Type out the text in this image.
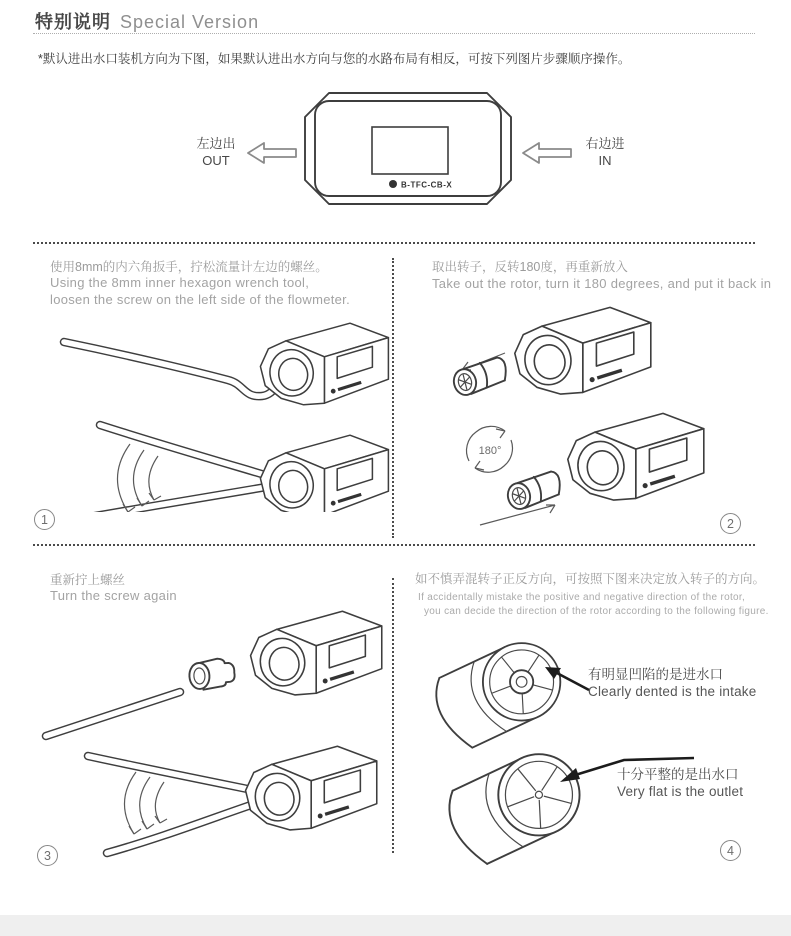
特别说明 Special Version
*默认进出水口装机方向为下图，如果默认进出水方向与您的水路布局有相反，可按下列图片步骤顺序操作。
B-TFC-CB-X
左边出
OUT
右边进
IN
使用8mm的内六角扳手，拧松流量计左边的螺丝。
Using the 8mm inner hexagon wrench tool,
loosen the screw on the left side of the flowmeter.
1
取出转子，反转180度，再重新放入
Take out the rotor, turn it 180 degrees, and put it back in
180°
2
重新拧上螺丝
Turn the screw again
3
如不慎弄混转子正反方向，可按照下图来决定放入转子的方向。
If accidentally mistake the positive and negative direction of the rotor,
you can decide the direction of the rotor according to the following figure.
有明显凹陷的是进水口
Clearly dented is the intake
十分平整的是出水口
Very flat is the outlet
4
